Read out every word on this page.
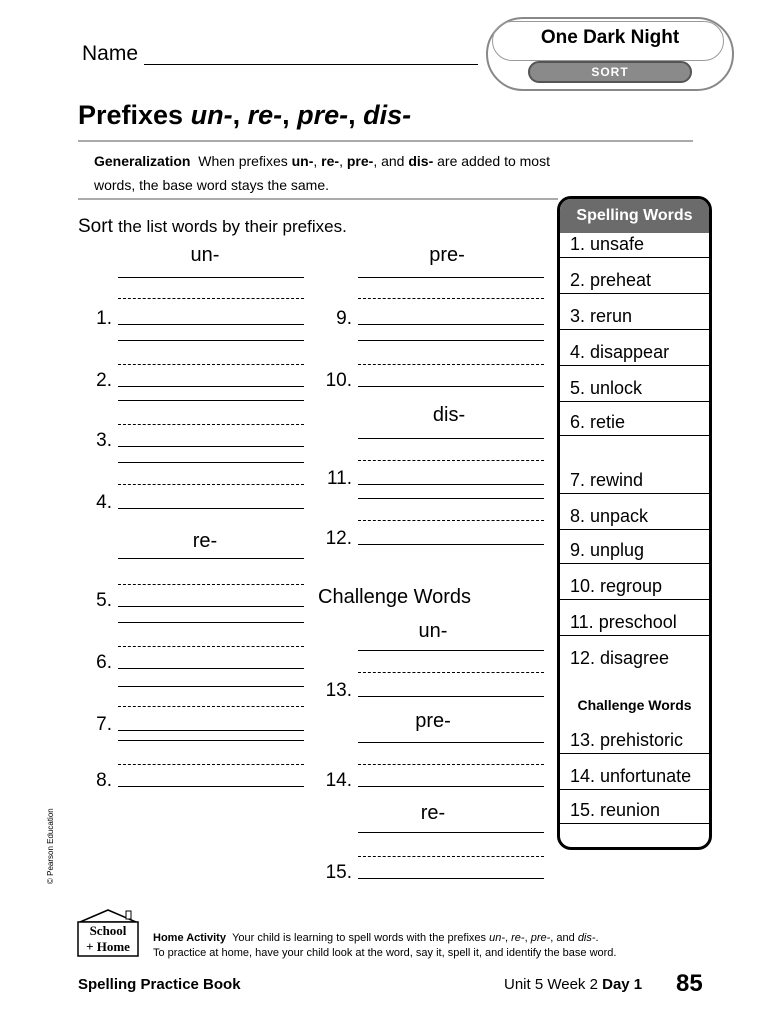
Name
One Dark Night
SORT
Prefixes un-, re-, pre-, dis-
Generalization When prefixes un-, re-, pre-, and dis- are added to most
words, the base word stays the same.
Sort the list words by their prefixes.
un-
1.
2.
3.
4.
re-
5.
6.
7.
8.
pre-
9.
10.
dis-
11.
12.
Challenge Words
un-
13.
pre-
14.
re-
15.
Spelling Words
1. unsafe
2. preheat
3. rerun
4. disappear
5. unlock
6. retie
7. rewind
8. unpack
9. unplug
10. regroup
11. preschool
12. disagree
Challenge Words
13. prehistoric
14. unfortunate
15. reunion
© Pearson Education
School
+ Home
Home Activity Your child is learning to spell words with the prefixes un-, re-, pre-, and dis-.
To practice at home, have your child look at the word, say it, spell it, and identify the base word.
Spelling Practice Book	Unit 5 Week 2 Day 1 85
